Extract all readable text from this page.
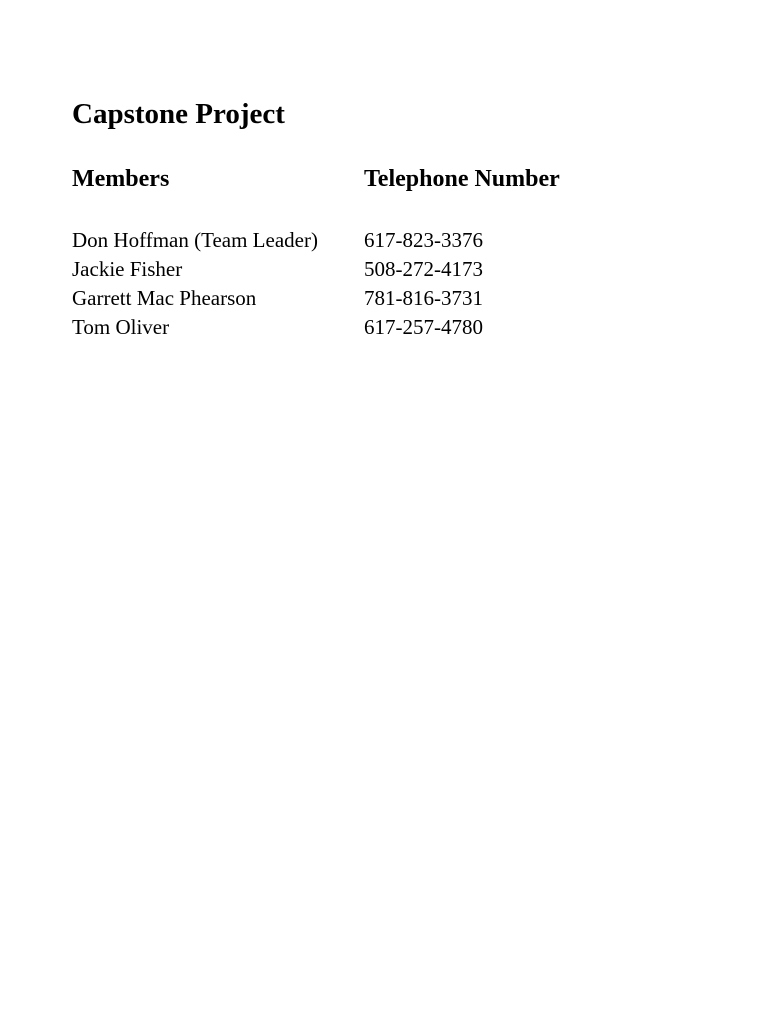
Capstone Project
Members	Telephone Number

Don Hoffman (Team Leader)	617-823-3376
Jackie Fisher	508-272-4173
Garrett Mac Phearson	781-816-3731
Tom Oliver	617-257-4780
